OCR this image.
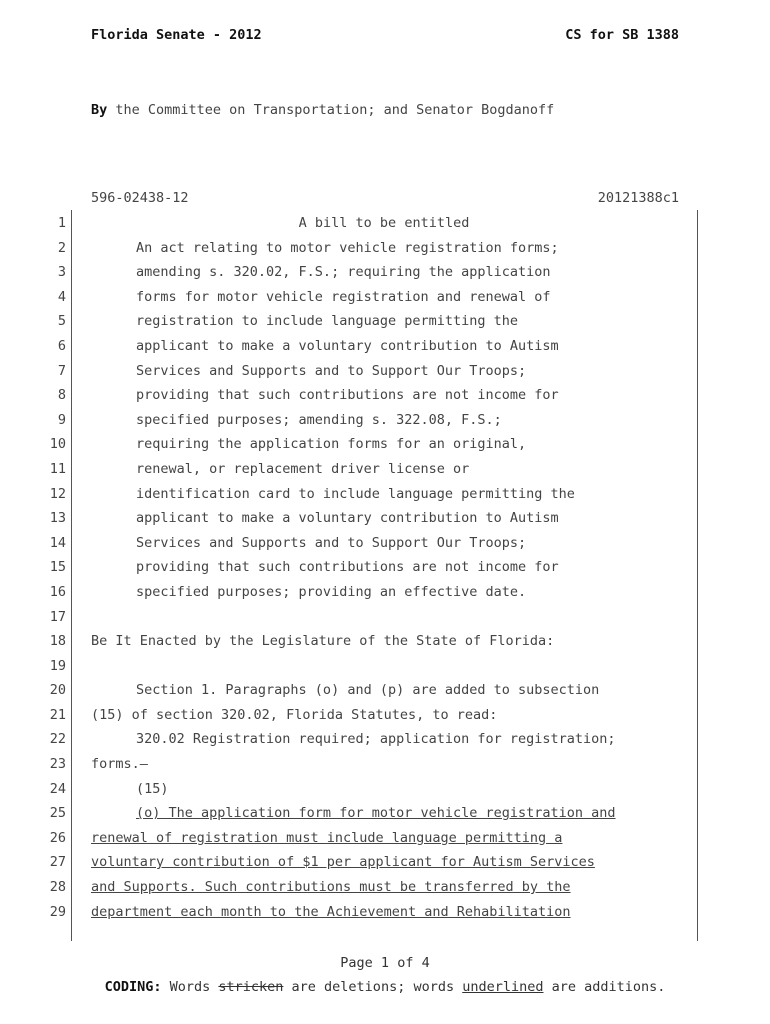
Florida Senate - 2012	CS for SB 1388
By the Committee on Transportation; and Senator Bogdanoff
596-02438-12	20121388c1
1	A bill to be entitled
2	An act relating to motor vehicle registration forms;
3	amending s. 320.02, F.S.; requiring the application
4	forms for motor vehicle registration and renewal of
5	registration to include language permitting the
6	applicant to make a voluntary contribution to Autism
7	Services and Supports and to Support Our Troops;
8	providing that such contributions are not income for
9	specified purposes; amending s. 322.08, F.S.;
10	requiring the application forms for an original,
11	renewal, or replacement driver license or
12	identification card to include language permitting the
13	applicant to make a voluntary contribution to Autism
14	Services and Supports and to Support Our Troops;
15	providing that such contributions are not income for
16	specified purposes; providing an effective date.
17
18 Be It Enacted by the Legislature of the State of Florida:
19
20	Section 1. Paragraphs (o) and (p) are added to subsection
21 (15) of section 320.02, Florida Statutes, to read:
22	320.02 Registration required; application for registration;
23 forms.—
24	(15)
25	(o) The application form for motor vehicle registration and
26 renewal of registration must include language permitting a
27 voluntary contribution of $1 per applicant for Autism Services
28 and Supports. Such contributions must be transferred by the
29 department each month to the Achievement and Rehabilitation
Page 1 of 4
CODING: Words stricken are deletions; words underlined are additions.
